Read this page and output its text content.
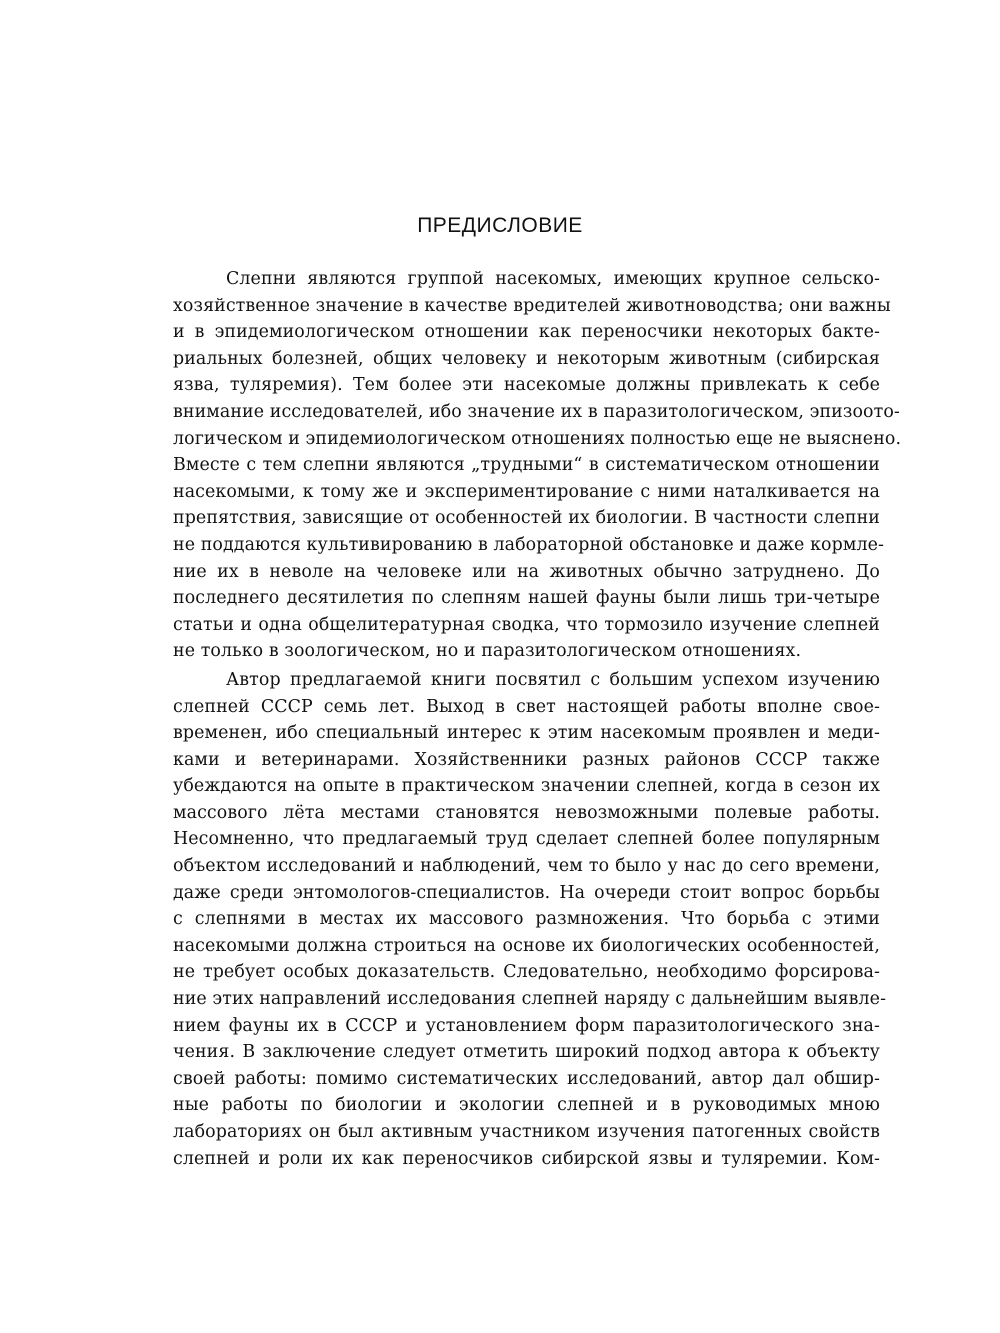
ПРЕДИСЛОВИЕ
Слепни являются группой насекомых, имеющих крупное сельско-
хозяйственное значение в качестве вредителей животноводства; они важны
и в эпидемиологическом отношении как переносчики некоторых бакте-
риальных болезней, общих человеку и некоторым животным (сибирская
язва, туляремия). Тем более эти насекомые должны привлекать к себе
внимание исследователей, ибо значение их в паразитологическом, эпизоото-
логическом и эпидемиологическом отношениях полностью еще не выяснено.
Вместе с тем слепни являются „трудными“ в систематическом отношении
насекомыми, к тому же и экспериментирование с ними наталкивается на
препятствия, зависящие от особенностей их биологии. В частности слепни
не поддаются культивированию в лабораторной обстановке и даже кормле-
ние их в неволе на человеке или на животных обычно затруднено. До
последнего десятилетия по слепням нашей фауны были лишь три-четыре
статьи и одна общелитературная сводка, что тормозило изучение слепней
не только в зоологическом, но и паразитологическом отношениях.
Автор предлагаемой книги посвятил с большим успехом изучению
слепней СССР семь лет. Выход в свет настоящей работы вполне свое-
временен, ибо специальный интерес к этим насекомым проявлен и меди-
ками и ветеринарами. Хозяйственники разных районов СССР также
убеждаются на опыте в практическом значении слепней, когда в сезон их
массового лёта местами становятся невозможными полевые работы.
Несомненно, что предлагаемый труд сделает слепней более популярным
объектом исследований и наблюдений, чем то было у нас до сего времени,
даже среди энтомологов-специалистов. На очереди стоит вопрос борьбы
с слепнями в местах их массового размножения. Что борьба с этими
насекомыми должна строиться на основе их биологических особенностей,
не требует особых доказательств. Следовательно, необходимо форсирова-
ние этих направлений исследования слепней наряду с дальнейшим выявле-
нием фауны их в СССР и установлением форм паразитологического зна-
чения. В заключение следует отметить широкий подход автора к объекту
своей работы: помимо систематических исследований, автор дал обшир-
ные работы по биологии и экологии слепней и в руководимых мною
лабораториях он был активным участником изучения патогенных свойств
слепней и роли их как переносчиков сибирской язвы и туляремии. Ком-
